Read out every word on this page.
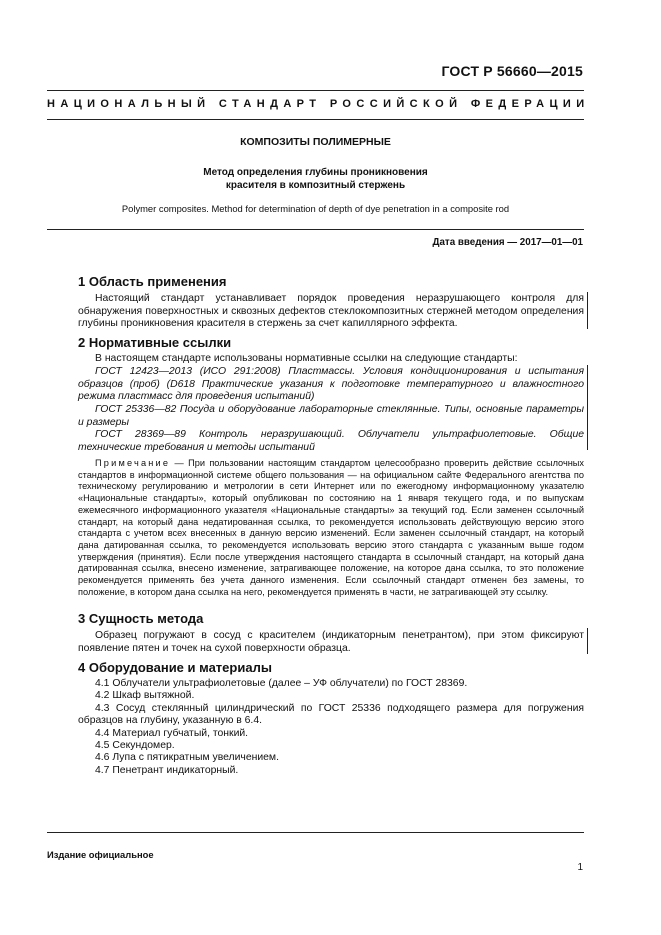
ГОСТ Р 56660—2015
НАЦИОНАЛЬНЫЙ СТАНДАРТ РОССИЙСКОЙ ФЕДЕРАЦИИ
КОМПОЗИТЫ ПОЛИМЕРНЫЕ
Метод определения глубины проникновения
красителя в композитный стержень
Polymer composites. Method for determination of depth of dye penetration in a composite rod
Дата введения — 2017—01—01
1 Область применения
Настоящий стандарт устанавливает порядок проведения неразрушающего контроля для обнаружения поверхностных и сквозных дефектов стеклокомпозитных стержней методом определения глубины проникновения красителя в стержень за счет капиллярного эффекта.
2 Нормативные ссылки
В настоящем стандарте использованы нормативные ссылки на следующие стандарты:
ГОСТ 12423—2013 (ИСО 291:2008) Пластмассы. Условия кондиционирования и испытания образцов (проб) (D618 Практические указания к подготовке температурного и влажностного режима пластмасс для проведения испытаний)
ГОСТ 25336—82 Посуда и оборудование лабораторные стеклянные. Типы, основные параметры и размеры
ГОСТ 28369—89 Контроль неразрушающий. Облучатели ультрафиолетовые. Общие технические требования и методы испытаний
Примечание — При пользовании настоящим стандартом целесообразно проверить действие ссылочных стандартов в информационной системе общего пользования — на официальном сайте Федерального агентства по техническому регулированию и метрологии в сети Интернет или по ежегодному информационному указателю «Национальные стандарты», который опубликован по состоянию на 1 января текущего года, и по выпускам ежемесячного информационного указателя «Национальные стандарты» за текущий год. Если заменен ссылочный стандарт, на который дана недатированная ссылка, то рекомендуется использовать действующую версию этого стандарта с учетом всех внесенных в данную версию изменений. Если заменен ссылочный стандарт, на который дана датированная ссылка, то рекомендуется использовать версию этого стандарта с указанным выше годом утверждения (принятия). Если после утверждения настоящего стандарта в ссылочный стандарт, на который дана датированная ссылка, внесено изменение, затрагивающее положение, на которое дана ссылка, то это положение рекомендуется применять без учета данного изменения. Если ссылочный стандарт отменен без замены, то положение, в котором дана ссылка на него, рекомендуется применять в части, не затрагивающей эту ссылку.
3 Сущность метода
Образец погружают в сосуд с красителем (индикаторным пенетрантом), при этом фиксируют появление пятен и точек на сухой поверхности образца.
4 Оборудование и материалы
4.1 Облучатели ультрафиолетовые (далее – УФ облучатели) по ГОСТ 28369.
4.2 Шкаф вытяжной.
4.3 Сосуд стеклянный цилиндрический по ГОСТ 25336 подходящего размера для погружения образцов на глубину, указанную в 6.4.
4.4 Материал губчатый, тонкий.
4.5 Секундомер.
4.6 Лупа с пятикратным увеличением.
4.7 Пенетрант индикаторный.
Издание официальное
1
